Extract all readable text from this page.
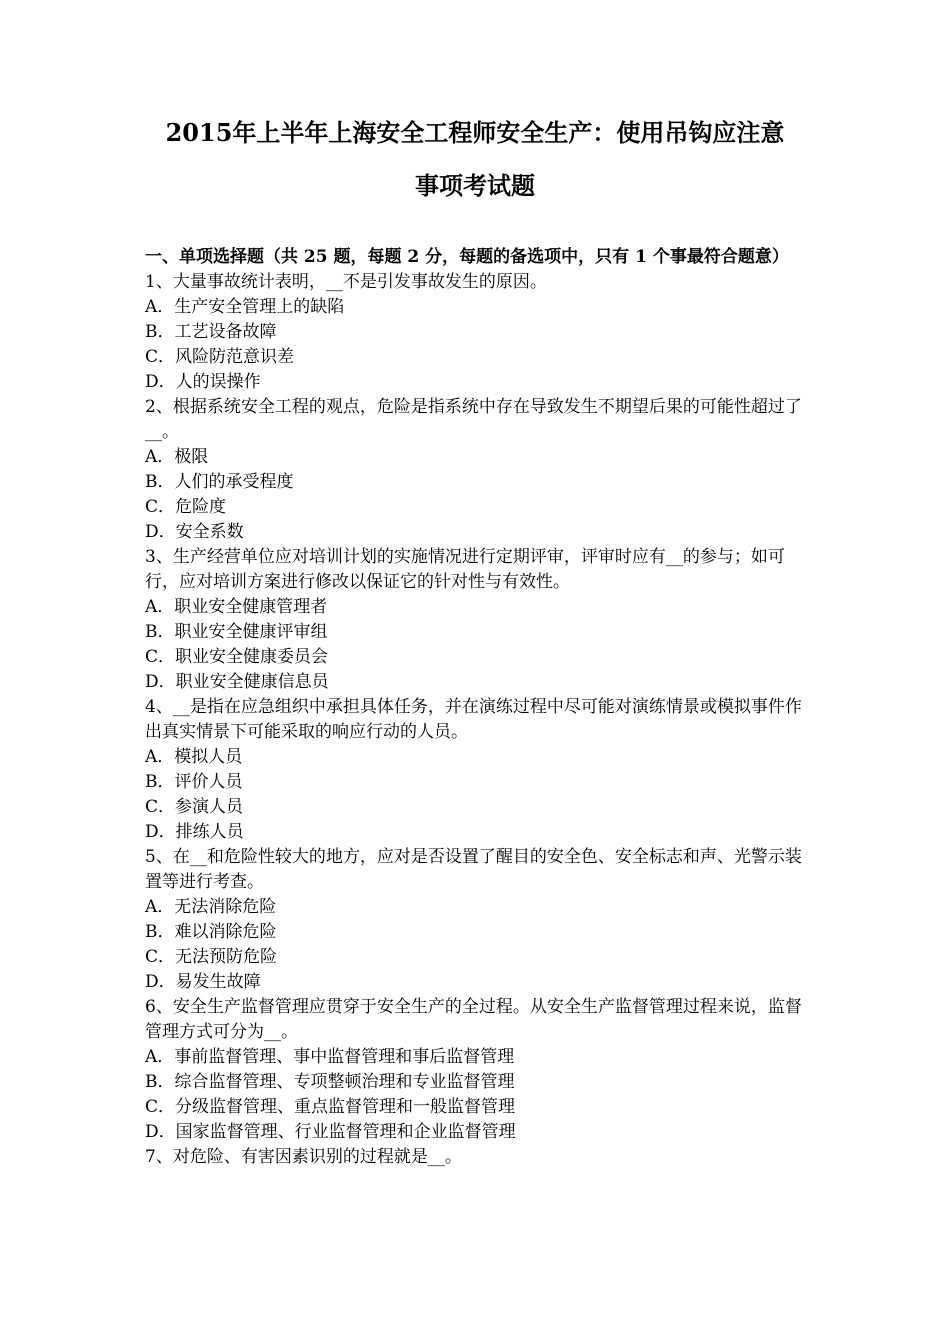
2015年上半年上海安全工程师安全生产：使用吊钩应注意
事项考试题

一、单项选择题（共 25 题，每题 2 分，每题的备选项中，只有 1 个事最符合题意）

1、大量事故统计表明，__不是引发事故发生的原因。

A．生产安全管理上的缺陷

B．工艺设备故障

C．风险防范意识差

D．人的误操作

2、根据系统安全工程的观点，危险是指系统中存在导致发生不期望后果的可能性超过了__。

A．极限

B．人们的承受程度

C．危险度

D．安全系数

3、生产经营单位应对培训计划的实施情况进行定期评审，评审时应有__的参与；如可行，应对培训方案进行修改以保证它的针对性与有效性。

A．职业安全健康管理者

B．职业安全健康评审组

C．职业安全健康委员会

D．职业安全健康信息员

4、__是指在应急组织中承担具体任务，并在演练过程中尽可能对演练情景或模拟事件作出真实情景下可能采取的响应行动的人员。

A．模拟人员

B．评价人员

C．参演人员

D．排练人员

5、在__和危险性较大的地方，应对是否设置了醒目的安全色、安全标志和声、光警示装置等进行考查。

A．无法消除危险

B．难以消除危险

C．无法预防危险

D．易发生故障

6、安全生产监督管理应贯穿于安全生产的全过程。从安全生产监督管理过程来说，监督管理方式可分为__。

A．事前监督管理、事中监督管理和事后监督管理

B．综合监督管理、专项整顿治理和专业监督管理

C．分级监督管理、重点监督管理和一般监督管理

D．国家监督管理、行业监督管理和企业监督管理

7、对危险、有害因素识别的过程就是__。
